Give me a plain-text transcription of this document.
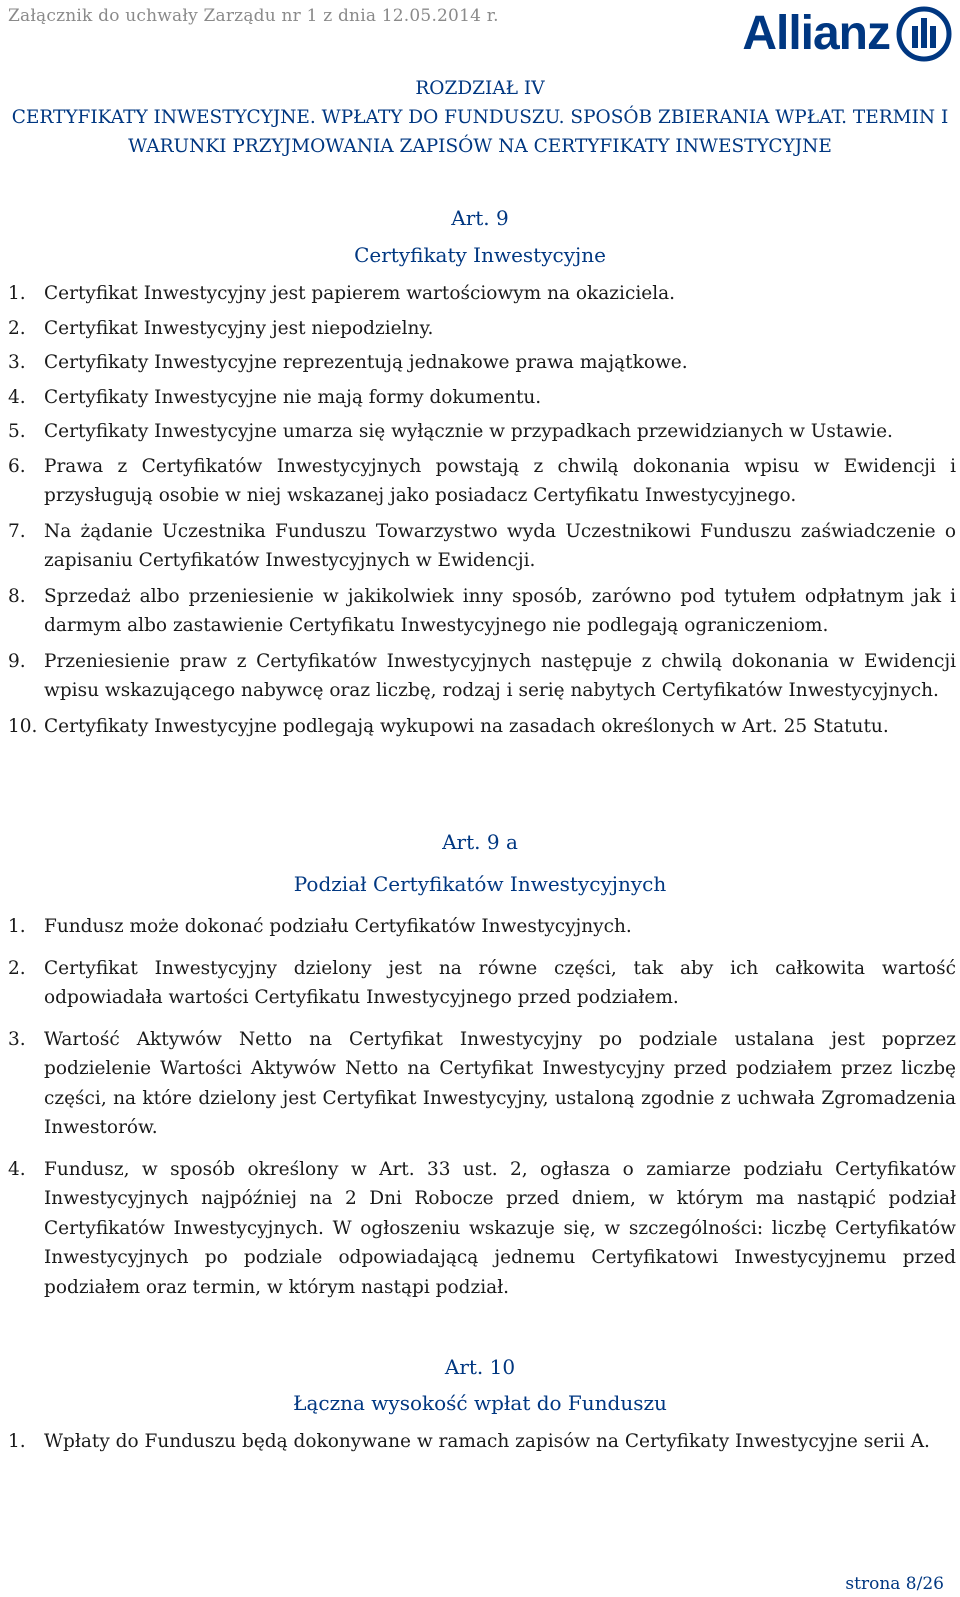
Załącznik do uchwały Zarządu nr 1 z dnia 12.05.2014 r.	Allianz
ROZDZIAŁ IV
CERTYFIKATY INWESTYCYJNE. WPŁATY DO FUNDUSZU. SPOSÓB ZBIERANIA WPŁAT. TERMIN I
WARUNKI PRZYJMOWANIA ZAPISÓW NA CERTYFIKATY INWESTYCYJNE
Art. 9
Certyfikaty Inwestycyjne
1. Certyfikat Inwestycyjny jest papierem wartościowym na okaziciela.
2. Certyfikat Inwestycyjny jest niepodzielny.
3. Certyfikaty Inwestycyjne reprezentują jednakowe prawa majątkowe.
4. Certyfikaty Inwestycyjne nie mają formy dokumentu.
5. Certyfikaty Inwestycyjne umarza się wyłącznie w przypadkach przewidzianych w Ustawie.
6. Prawa z Certyfikatów Inwestycyjnych powstają z chwilą dokonania wpisu w Ewidencji i przysługują osobie w niej wskazanej jako posiadacz Certyfikatu Inwestycyjnego.
7. Na żądanie Uczestnika Funduszu Towarzystwo wyda Uczestnikowi Funduszu zaświadczenie o zapisaniu Certyfikatów Inwestycyjnych w Ewidencji.
8. Sprzedaż albo przeniesienie w jakikolwiek inny sposób, zarówno pod tytułem odpłatnym jak i darmym albo zastawienie Certyfikatu Inwestycyjnego nie podlegają ograniczeniom.
9. Przeniesienie praw z Certyfikatów Inwestycyjnych następuje z chwilą dokonania w Ewidencji wpisu wskazującego nabywcę oraz liczbę, rodzaj i serię nabytych Certyfikatów Inwestycyjnych.
10. Certyfikaty Inwestycyjne podlegają wykupowi na zasadach określonych w Art. 25 Statutu.
Art. 9 a
Podział Certyfikatów Inwestycyjnych
1. Fundusz może dokonać podziału Certyfikatów Inwestycyjnych.
2. Certyfikat Inwestycyjny dzielony jest na równe części, tak aby ich całkowita wartość odpowiadała wartości Certyfikatu Inwestycyjnego przed podziałem.
3. Wartość Aktywów Netto na Certyfikat Inwestycyjny po podziale ustalana jest poprzez podzielenie Wartości Aktywów Netto na Certyfikat Inwestycyjny przed podziałem przez liczbę części, na które dzielony jest Certyfikat Inwestycyjny, ustaloną zgodnie z uchwała Zgromadzenia Inwestorów.
4. Fundusz, w sposób określony w Art. 33 ust. 2, ogłasza o zamiarze podziału Certyfikatów Inwestycyjnych najpóźniej na 2 Dni Robocze przed dniem, w którym ma nastąpić podział Certyfikatów Inwestycyjnych. W ogłoszeniu wskazuje się, w szczególności: liczbę Certyfikatów Inwestycyjnych po podziale odpowiadającą jednemu Certyfikatowi Inwestycyjnemu przed podziałem oraz termin, w którym nastąpi podział.
Art. 10
Łączna wysokość wpłat do Funduszu
1. Wpłaty do Funduszu będą dokonywane w ramach zapisów na Certyfikaty Inwestycyjne serii A.
strona 8/26
